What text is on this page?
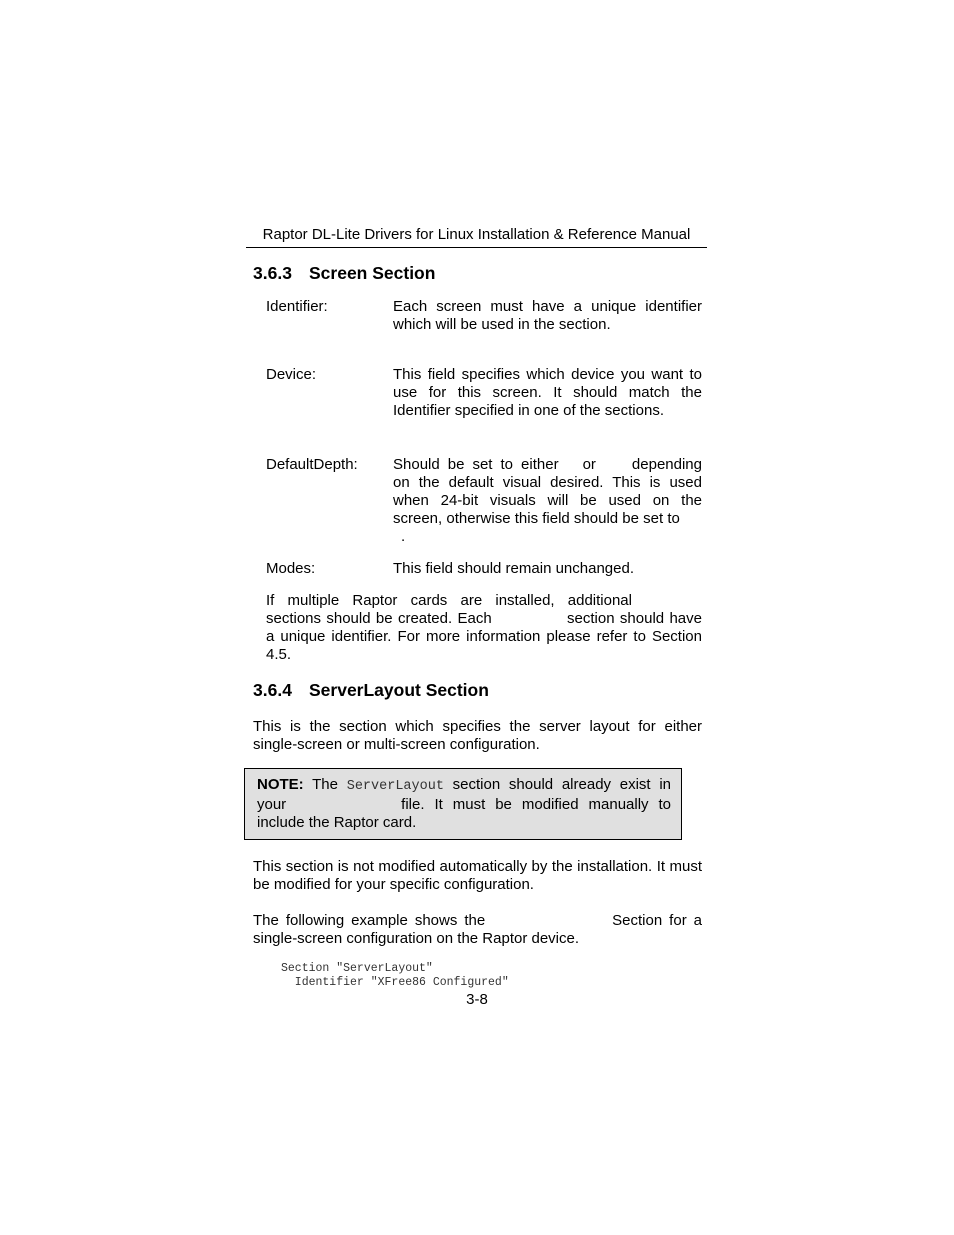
Raptor DL-Lite Drivers for Linux Installation & Reference Manual
3.6.3 Screen Section
Identifier:	Each screen must have a unique identifier which will be used in the section.
Device:	This field specifies which device you want to use for this screen. It should match the Identifier specified in one of the sections.
DefaultDepth: Should be set to either or depending on the default visual desired. This is used when 24-bit visuals will be used on the screen, otherwise this field should be set to
.
Modes:	This field should remain unchanged.
If multiple Raptor cards are installed, additional sections should be created. Each	section should have a unique identifier. For more information please refer to Section 4.5.
3.6.4 ServerLayout Section
This is the section which specifies the server layout for either single-screen or multi-screen configuration.
NOTE: The ServerLayout section should already exist in your	file. It must be modified manually to include the Raptor card.
This section is not modified automatically by the installation. It must be modified for your specific configuration.
The following example shows the	Section for a single-screen configuration on the Raptor device.
Section "ServerLayout"
Identifier "XFree86 Configured"
3-8
